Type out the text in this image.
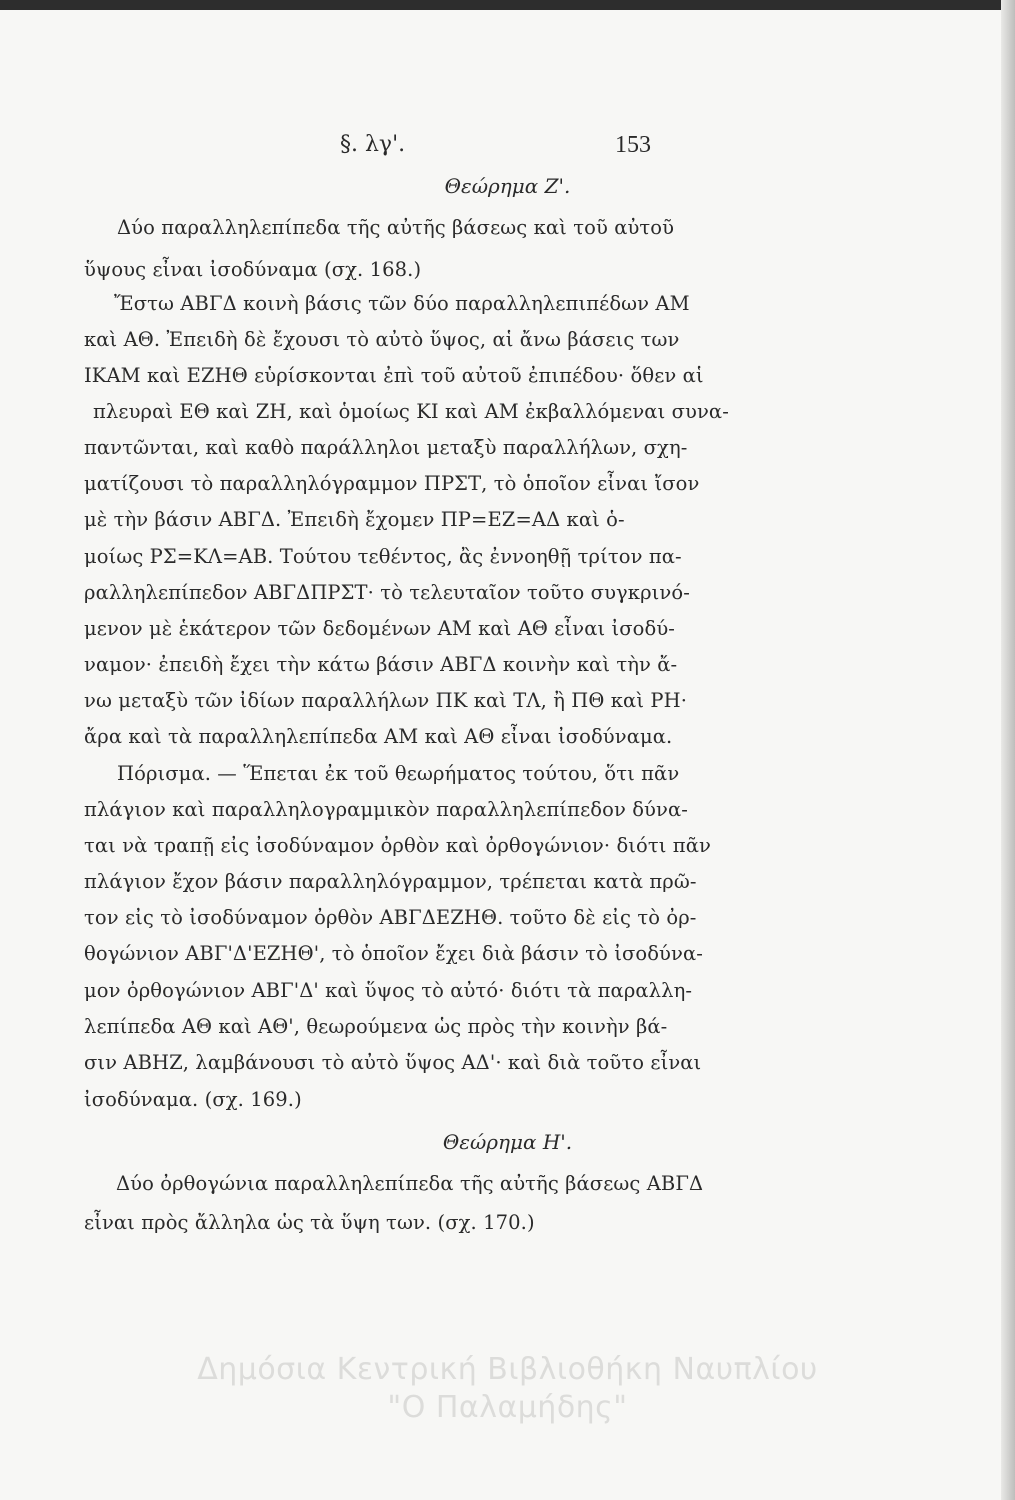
§. λγ'.	153
Θεώρημα Ζ'.
Δύο παραλληλεπίπεδα τῆς αὐτῆς βάσεως καὶ τοῦ αὐτοῦ
ὕψους εἶναι ἰσοδύναμα (σχ. 168.)
Ἔστω ΑΒΓΔ κοινὴ βάσις τῶν δύο παραλληλεπιπέδων ΑΜ
καὶ ΑΘ. Ἐπειδὴ δὲ ἔχουσι τὸ αὐτὸ ὕψος, αἱ ἄνω βάσεις των
ΙΚΑΜ καὶ ΕΖΗΘ εὑρίσκονται ἐπὶ τοῦ αὐτοῦ ἐπιπέδου· ὅθεν αἱ
πλευραὶ ΕΘ καὶ ΖΗ, καὶ ὁμοίως ΚΙ καὶ ΑΜ ἐκβαλλόμεναι συνα-
παντῶνται, καὶ καθὸ παράλληλοι μεταξὺ παραλλήλων, σχη-
ματίζουσι τὸ παραλληλόγραμμον ΠΡΣΤ, τὸ ὁποῖον εἶναι ἴσον
μὲ τὴν βάσιν ΑΒΓΔ. Ἐπειδὴ ἔχομεν ΠΡ=ΕΖ=ΑΔ καὶ ὁ-
μοίως ΡΣ=ΚΛ=ΑΒ. Τούτου τεθέντος, ἂς ἐννοηθῇ τρίτον πα-
ραλληλεπίπεδον ΑΒΓΔΠΡΣΤ· τὸ τελευταῖον τοῦτο συγκρινό-
μενον μὲ ἑκάτερον τῶν δεδομένων ΑΜ καὶ ΑΘ εἶναι ἰσοδύ-
ναμον· ἐπειδὴ ἔχει τὴν κάτω βάσιν ΑΒΓΔ κοινὴν καὶ τὴν ἄ-
νω μεταξὺ τῶν ἰδίων παραλλήλων ΠΚ καὶ ΤΛ, ἢ ΠΘ καὶ ΡΗ·
ἄρα καὶ τὰ παραλληλεπίπεδα ΑΜ καὶ ΑΘ εἶναι ἰσοδύναμα.
Πόρισμα. — Ἕπεται ἐκ τοῦ θεωρήματος τούτου, ὅτι πᾶν
πλάγιον καὶ παραλληλογραμμικὸν παραλληλεπίπεδον δύνα-
ται νὰ τραπῇ εἰς ἰσοδύναμον ὀρθὸν καὶ ὀρθογώνιον· διότι πᾶν
πλάγιον ἔχον βάσιν παραλληλόγραμμον, τρέπεται κατὰ πρῶ-
τον εἰς τὸ ἰσοδύναμον ὀρθὸν ΑΒΓΔΕΖΗΘ. τοῦτο δὲ εἰς τὸ ὀρ-
θογώνιον ΑΒΓ'Δ'ΕΖΗΘ', τὸ ὁποῖον ἔχει διὰ βάσιν τὸ ἰσοδύνα-
μον ὀρθογώνιον ΑΒΓ'Δ' καὶ ὕψος τὸ αὐτό· διότι τὰ παραλλη-
λεπίπεδα ΑΘ καὶ ΑΘ', θεωρούμενα ὡς πρὸς τὴν κοινὴν βά-
σιν ΑΒΗΖ, λαμβάνουσι τὸ αὐτὸ ὕψος ΑΔ'· καὶ διὰ τοῦτο εἶναι
ἰσοδύναμα. (σχ. 169.)
Θεώρημα Η'.
Δύο ὀρθογώνια παραλληλεπίπεδα τῆς αὐτῆς βάσεως ΑΒΓΔ
εἶναι πρὸς ἄλληλα ὡς τὰ ὕψη των. (σχ. 170.)
Δημόσια Κεντρική Βιβλιοθήκη Ναυπλίου
"Ο Παλαμήδης"
